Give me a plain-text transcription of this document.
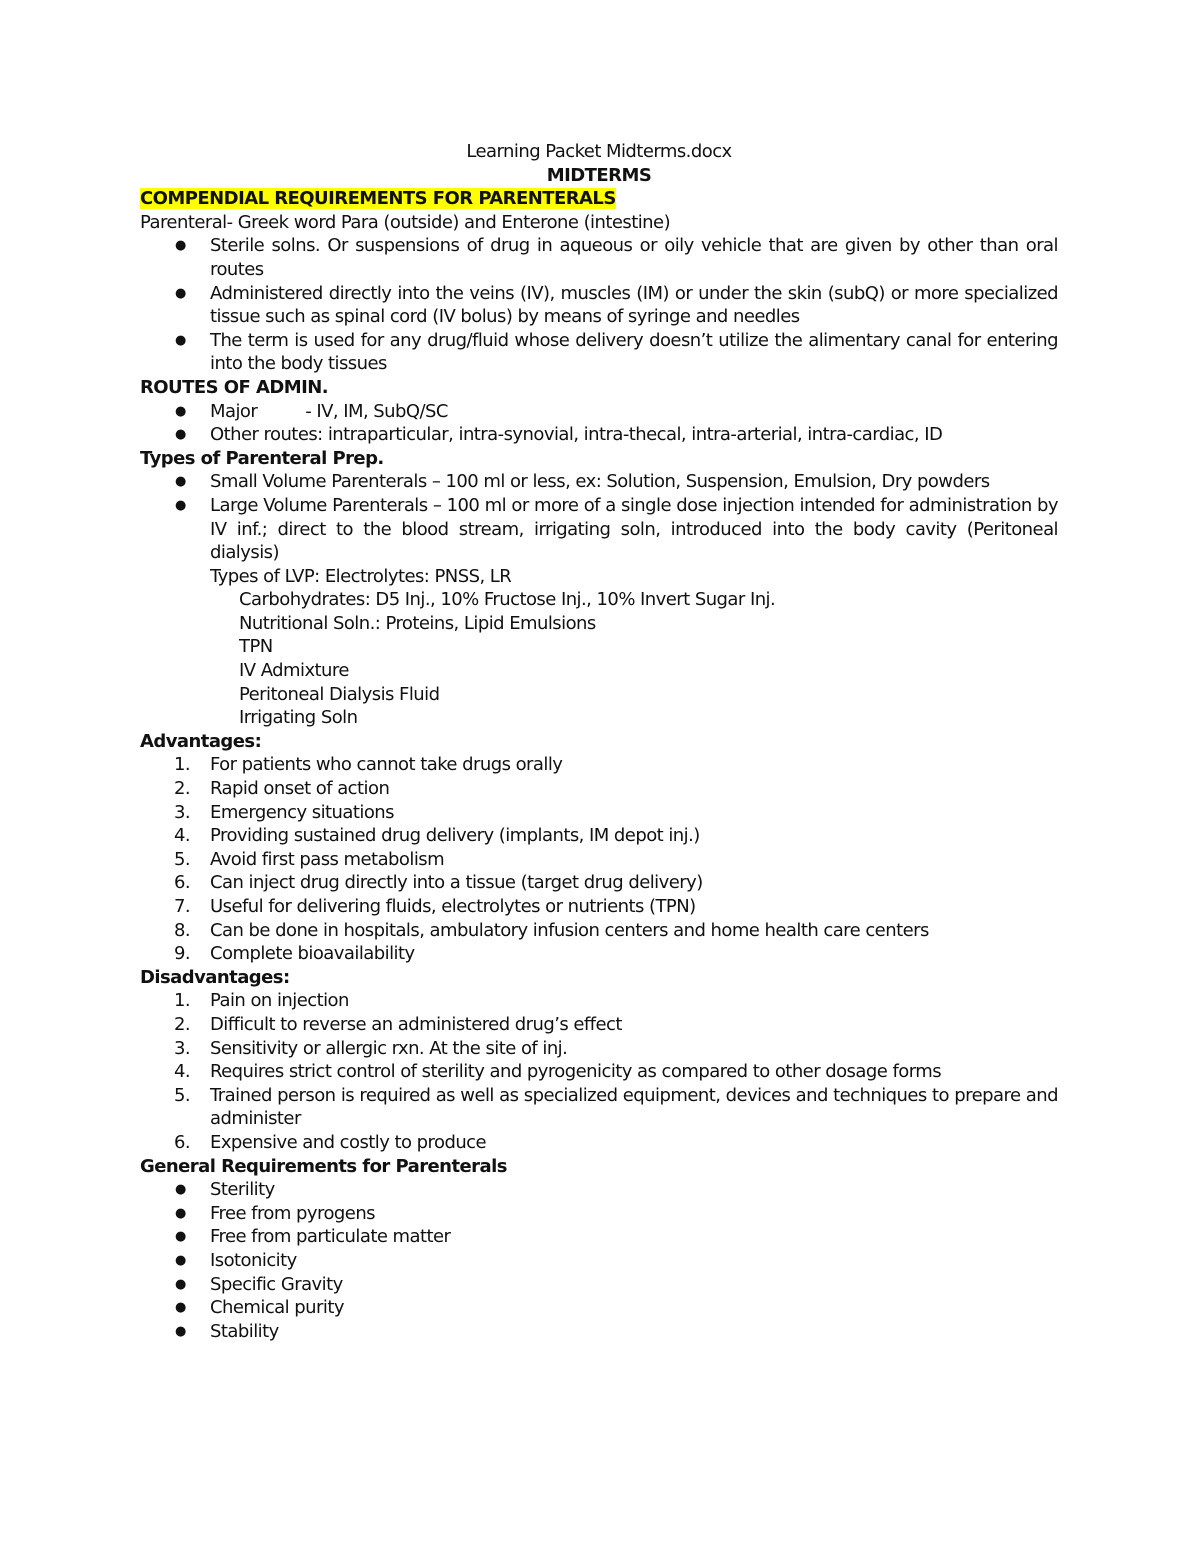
Learning Packet Midterms.docx

MIDTERMS

COMPENDIAL REQUIREMENTS FOR PARENTERALS

Parenteral- Greek word Para (outside) and Enterone (intestine)

● Sterile solns. Or suspensions of drug in aqueous or oily vehicle that are given by other than oral routes
● Administered directly into the veins (IV), muscles (IM) or under the skin (subQ) or more specialized tissue such as spinal cord (IV bolus) by means of syringe and needles
● The term is used for any drug/fluid whose delivery doesn’t utilize the alimentary canal for entering into the body tissues

ROUTES OF ADMIN.

● Major	- IV, IM, SubQ/SC
● Other routes: intraparticular, intra-synovial, intra-thecal, intra-arterial, intra-cardiac, ID

Types of Parenteral Prep.

● Small Volume Parenterals – 100 ml or less, ex: Solution, Suspension, Emulsion, Dry powders
● Large Volume Parenterals – 100 ml or more of a single dose injection intended for administration by IV inf.; direct to the blood stream, irrigating soln, introduced into the body cavity (Peritoneal dialysis)
Types of LVP: Electrolytes: PNSS, LR
Carbohydrates: D5 Inj., 10% Fructose Inj., 10% Invert Sugar Inj.
Nutritional Soln.: Proteins, Lipid Emulsions
TPN
IV Admixture
Peritoneal Dialysis Fluid
Irrigating Soln

Advantages:

1. For patients who cannot take drugs orally
2. Rapid onset of action
3. Emergency situations
4. Providing sustained drug delivery (implants, IM depot inj.)
5. Avoid first pass metabolism
6. Can inject drug directly into a tissue (target drug delivery)
7. Useful for delivering fluids, electrolytes or nutrients (TPN)
8. Can be done in hospitals, ambulatory infusion centers and home health care centers
9. Complete bioavailability

Disadvantages:

1. Pain on injection
2. Difficult to reverse an administered drug’s effect
3. Sensitivity or allergic rxn. At the site of inj.
4. Requires strict control of sterility and pyrogenicity as compared to other dosage forms
5. Trained person is required as well as specialized equipment, devices and techniques to prepare and administer
6. Expensive and costly to produce

General Requirements for Parenterals

● Sterility
● Free from pyrogens
● Free from particulate matter
● Isotonicity
● Specific Gravity
● Chemical purity
● Stability
